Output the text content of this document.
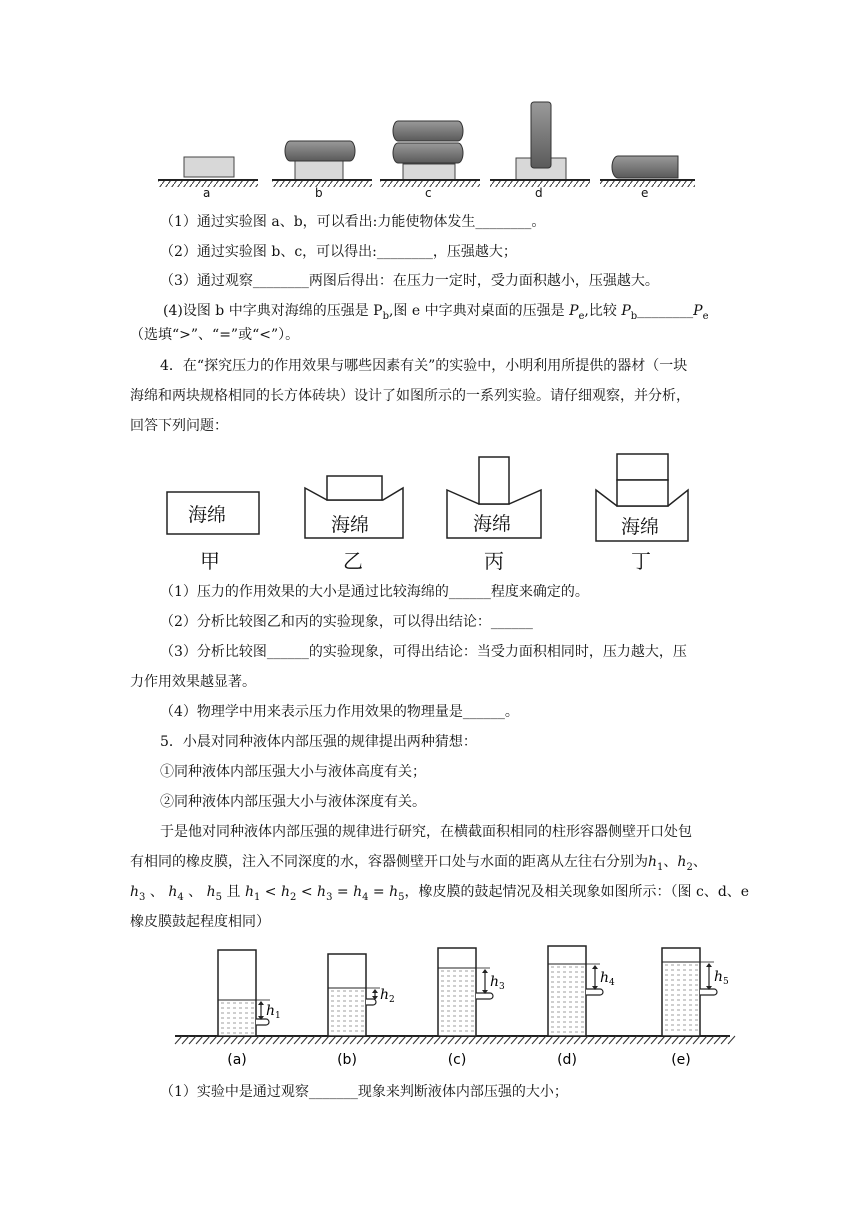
a	b	c	d	e
（1）通过实验图 a、b，可以看出:力能使物体发生________。
（2）通过实验图 b、c，可以得出:________，压强越大；
（3）通过观察________两图后得出：在压力一定时，受力面积越小，压强越大。
(4)设图 b 中字典对海绵的压强是 $P_b$,图 e 中字典对桌面的压强是 $P_e$,比较 $P_b\_\_\_\_\_\_\_\_P_e$
（选填“>”、“=”或“<”）。
4．在“探究压力的作用效果与哪些因素有关”的实验中，小明利用所提供的器材（一块
海绵和两块规格相同的长方体砖块）设计了如图所示的一系列实验。请仔细观察，并分析，
回答下列问题：
海绵	海绵	海绵	海绵
甲	乙	丙	丁
（1）压力的作用效果的大小是通过比较海绵的______程度来确定的。
（2）分析比较图乙和丙的实验现象，可以得出结论：______
（3）分析比较图______的实验现象，可得出结论：当受力面积相同时，压力越大，压
力作用效果越显著。
（4）物理学中用来表示压力作用效果的物理量是______。
5．小晨对同种液体内部压强的规律提出两种猜想：
①同种液体内部压强大小与液体高度有关；
②同种液体内部压强大小与液体深度有关。
于是他对同种液体内部压强的规律进行研究，在横截面积相同的柱形容器侧壁开口处包
有相同的橡皮膜，注入不同深度的水，容器侧壁开口处与水面的距离从左往右分别为$h_1$、$h_2$、
$h_3$ 、 $h_4$ 、 $h_5$ 且 $h_1 < h_2 < h_3 = h_4 = h_5$，橡皮膜的鼓起情况及相关现象如图所示：（图 c、d、e
橡皮膜鼓起程度相同）
$h_1$
(a)
$h_2$
(b)
$h_3$
(c)
$h_4$
(d)
$h_5$
(e)
（1）实验中是通过观察_______现象来判断液体内部压强的大小；
